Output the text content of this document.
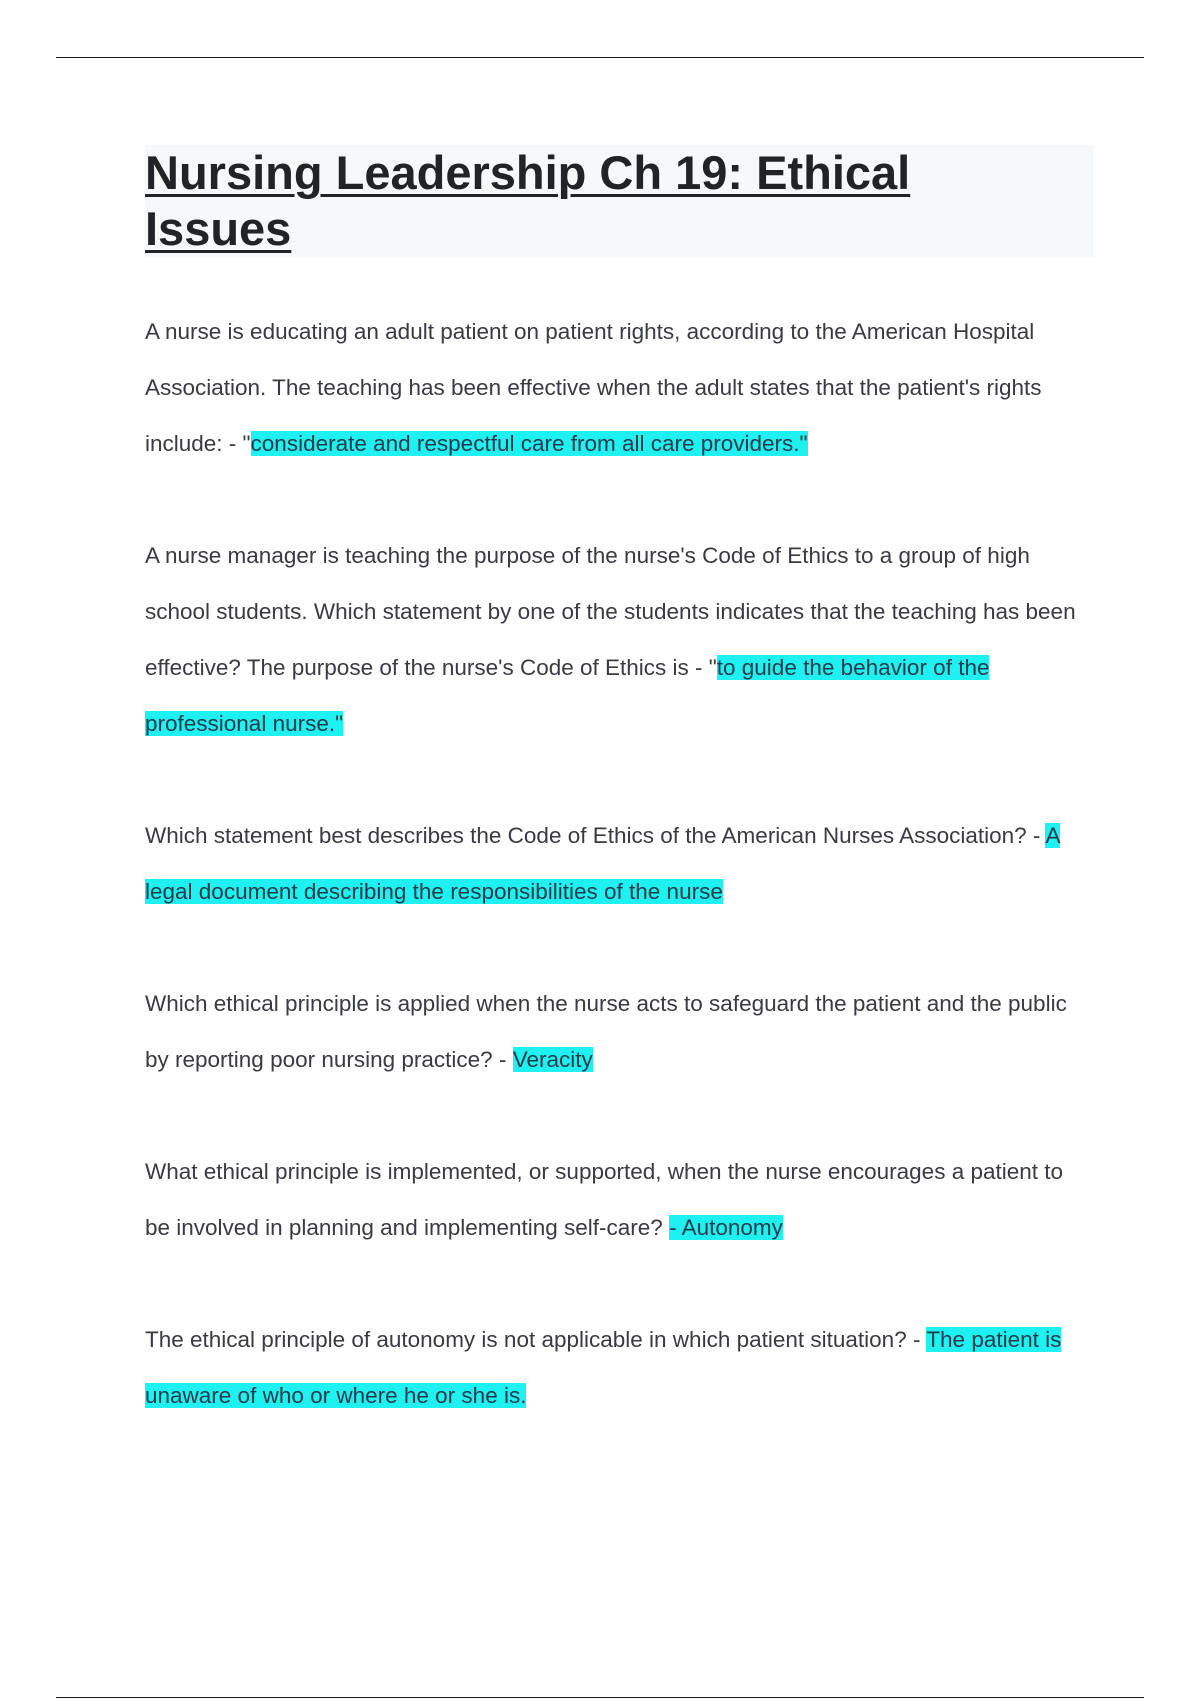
Nursing Leadership Ch 19: Ethical Issues

A nurse is educating an adult patient on patient rights, according to the American Hospital Association. The teaching has been effective when the adult states that the patient's rights include: - "considerate and respectful care from all care providers."

A nurse manager is teaching the purpose of the nurse's Code of Ethics to a group of high school students. Which statement by one of the students indicates that the teaching has been effective? The purpose of the nurse's Code of Ethics is - "to guide the behavior of the professional nurse."

Which statement best describes the Code of Ethics of the American Nurses Association? - A legal document describing the responsibilities of the nurse

Which ethical principle is applied when the nurse acts to safeguard the patient and the public by reporting poor nursing practice? - Veracity

What ethical principle is implemented, or supported, when the nurse encourages a patient to be involved in planning and implementing self-care? - Autonomy

The ethical principle of autonomy is not applicable in which patient situation? - The patient is unaware of who or where he or she is.
